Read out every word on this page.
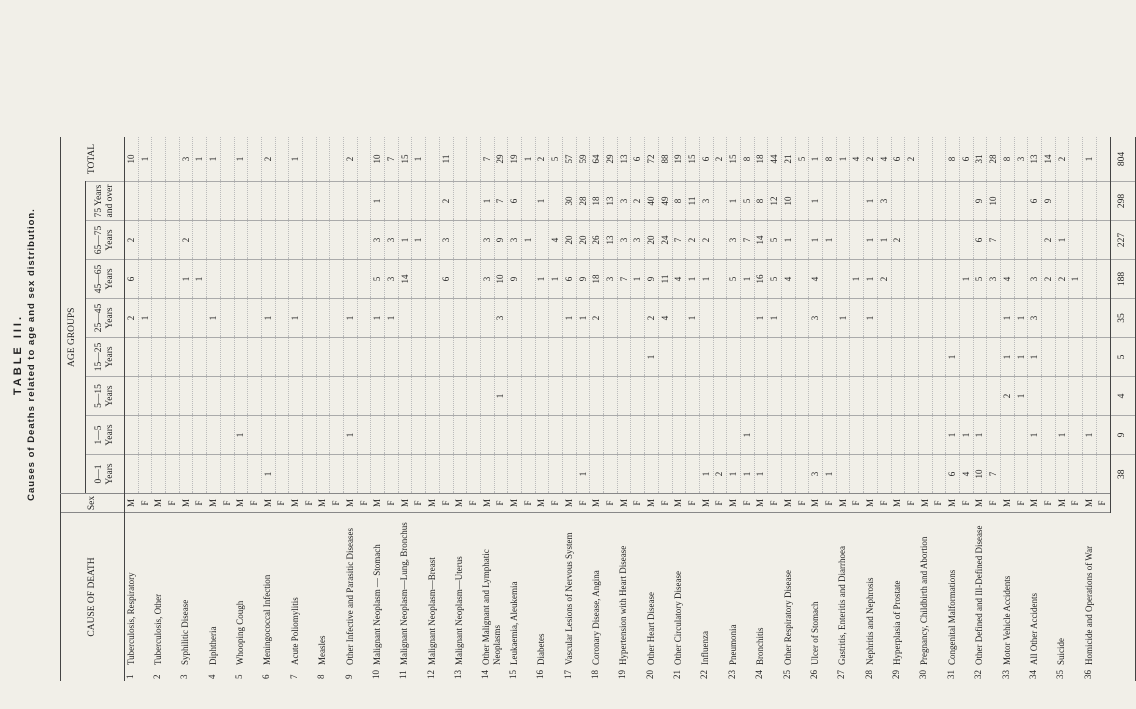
TABLE III. Causes of Deaths related to age and sex distribution.
CAUSE OF DEATH		Sex	AGE GROUPS								TOTAL
			0—1 Years	1—5 Years	5—15 Years	15—25 Years	25—45 Years	45—65 Years	65—75 Years	75 Years and over	
1	Tuberculosis, Respiratory	M					2	6	2		10
		F					1				1
2	Tuberculosis, Other	M									
		F									
3	Syphilitic Disease	M						1	2		3
		F						1			1
4	Diphtheria	M					1				1
		F									
5	Whooping Cough	M		1							1
		F									
6	Meningococcal Infection	M	1				1				2
		F									
7	Acute Poliomylitis	M					1				1
		F									
8	Measles	M									
		F									
9	Other Infective and Parasitic Diseases	M		1			1				2
		F									
10	Malignant Neoplasm — Stomach	M					1	5	3	1	10
		F					1	3	3		7
11	Malignant Neoplasm—Lung, Bronchus	M						14	1		15
		F							1		1
12	Malignant Neoplasm—Breast	M									
		F						6	3	2	11
13	Malignant Neoplasm—Uterus	M									
		F									
14	Other Malignant and Lymphatic Neoplasms	M						3	3	1	7
		F			1		3	10	9	7	29
15	Leukaemia, Aleukemia	M						9	3	6	19
		F							1		1
16	Diabetes	M						1		1	2
		F						1	4		5
17	Vascular Lesions of Nervous System	M					1	6	20	30	57
		F	1				1	9	20	28	59
18	Coronary Disease, Angina	M					2	18	26	18	64
		F						3	13	13	29
19	Hypertension with Heart Disease	M						7	3	3	13
		F						1	3	2	6
20	Other Heart Disease	M				1	2	9	20	40	72
		F					4	11	24	49	88
21	Other Circulatory Disease	M						4	7	8	19
		F					1	1	2	11	15
22	Influenza	M	1					1	2	3	6
		F	2								2
23	Pneumonia	M	1					5	3	1	15
		F	1	1				1	7	5	8
24	Bronchitis	M	1				1	16	14	8	18
		F					1	5	5	12	44
25	Other Respiratory Disease	M						4	1	10	21
		F									5
26	Ulcer of Stomach	M	3				3	4	1	1	1
		F	1						1		8
27	Gastritis, Enteritis and Diarrhoea	M					1				1
		F						1			4
28	Nephritis and Nephrosis	M					1	1	1	1	2
		F						2	1	3	4
29	Hyperplasia of Prostate	M							2		6
		F									2
30	Pregnancy, Childbirth and Abortion	M									
		F									
31	Congenital Malformations	M	6	1		1					8
		F	4	1				1			6
32	Other Defined and Ill-Defined Disease	M	10	1				5	6	9	31
		F	7					3	7	10	28
33	Motor Vehicle Accidents	M			2	1	1	4			8
		F			1	1	1				3
34	All Other Accidents	M		1		1	3	3		6	13
		F						2	2	9	14
35	Suicide	M		1				2	1		2
		F						1			
36	Homicide and Operations of War	M		1							1
		F									
			38	9	4	5	35	188	227	298	804
